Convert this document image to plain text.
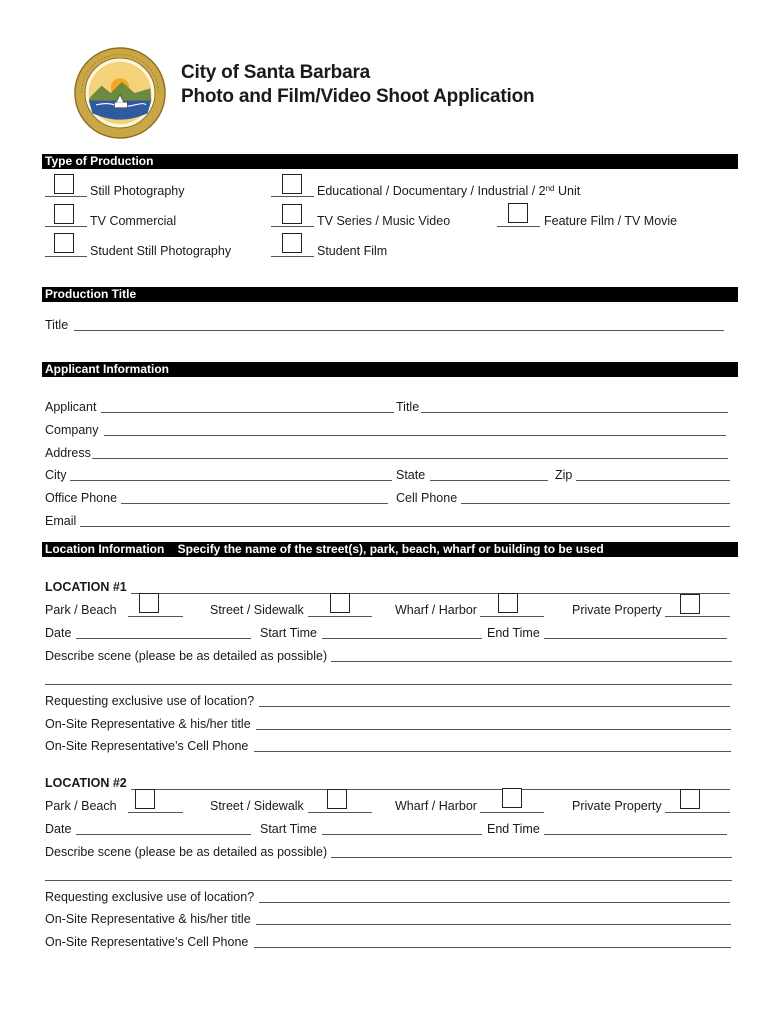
City of Santa Barbara
Photo and Film/Video Shoot Application
Type of Production
Still Photography	Educational / Documentary / Industrial / 2nd Unit
TV Commercial	TV Series / Music Video	Feature Film / TV Movie
Student Still Photography	Student Film
Production Title
Title
Applicant Information
Applicant	Title
Company
Address
City	State	Zip
Office Phone	Cell Phone
Email
Location Information Specify the name of the street(s), park, beach, wharf or building to be used
LOCATION #1
Park / Beach	Street / Sidewalk	Wharf / Harbor	Private Property
Date	Start Time	End Time
Describe scene (please be as detailed as possible)
Requesting exclusive use of location?
On-Site Representative & his/her title
On-Site Representative’s Cell Phone
LOCATION #2
Park / Beach	Street / Sidewalk	Wharf / Harbor	Private Property
Date	Start Time	End Time
Describe scene (please be as detailed as possible)
Requesting exclusive use of location?
On-Site Representative & his/her title
On-Site Representative’s Cell Phone
